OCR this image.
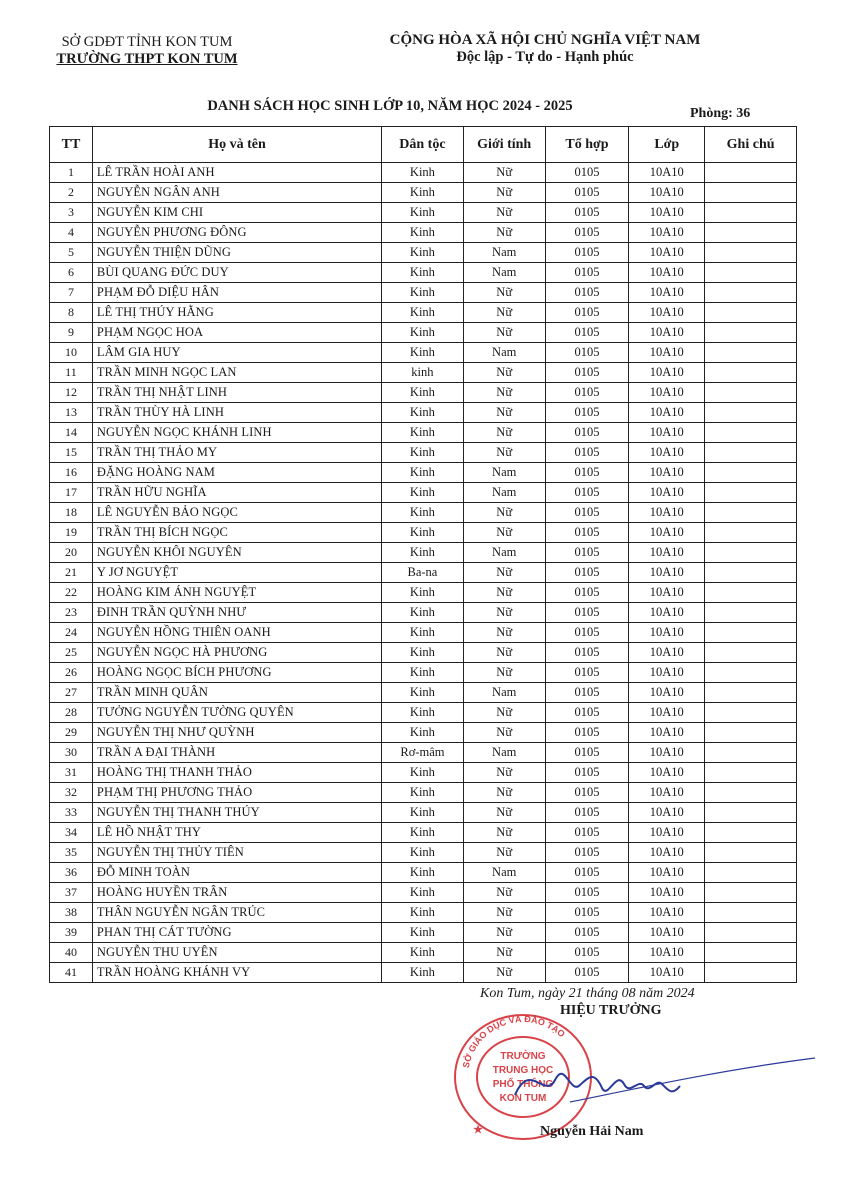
SỞ GDĐT TỈNH KON TUM
TRƯỜNG THPT KON TUM
CỘNG HÒA XÃ HỘI CHỦ NGHĨA VIỆT NAM
Độc lập - Tự do - Hạnh phúc
DANH SÁCH HỌC SINH LỚP 10, NĂM HỌC 2024 - 2025	Phòng: 36
TT	Họ và tên	Dân tộc	Giới tính	Tổ hợp	Lớp	Ghi chú
1	LÊ TRẦN HOÀI ANH	Kinh	Nữ	0105	10A10	
2	NGUYỄN NGÂN ANH	Kinh	Nữ	0105	10A10	
3	NGUYỄN KIM CHI	Kinh	Nữ	0105	10A10	
4	NGUYỄN PHƯƠNG ĐÔNG	Kinh	Nữ	0105	10A10	
5	NGUYỄN THIỆN DŨNG	Kinh	Nam	0105	10A10	
6	BÙI QUANG ĐỨC DUY	Kinh	Nam	0105	10A10	
7	PHẠM ĐỖ DIỆU HÂN	Kinh	Nữ	0105	10A10	
8	LÊ THỊ THÚY HẰNG	Kinh	Nữ	0105	10A10	
9	PHẠM NGỌC HOA	Kinh	Nữ	0105	10A10	
10	LÂM GIA HUY	Kinh	Nam	0105	10A10	
11	TRẦN MINH NGỌC LAN	kinh	Nữ	0105	10A10	
12	TRẦN THỊ NHẬT LINH	Kinh	Nữ	0105	10A10	
13	TRẦN THÙY HÀ LINH	Kinh	Nữ	0105	10A10	
14	NGUYỄN NGỌC KHÁNH LINH	Kinh	Nữ	0105	10A10	
15	TRẦN THỊ THẢO MY	Kinh	Nữ	0105	10A10	
16	ĐẶNG HOÀNG NAM	Kinh	Nam	0105	10A10	
17	TRẦN HỮU NGHĨA	Kinh	Nam	0105	10A10	
18	LÊ NGUYỄN BẢO NGỌC	Kinh	Nữ	0105	10A10	
19	TRẦN THỊ BÍCH NGỌC	Kinh	Nữ	0105	10A10	
20	NGUYỄN KHÔI NGUYÊN	Kinh	Nam	0105	10A10	
21	Y JƠ NGUYỆT	Ba-na	Nữ	0105	10A10	
22	HOÀNG KIM ÁNH NGUYỆT	Kinh	Nữ	0105	10A10	
23	ĐINH TRẦN QUỲNH NHƯ	Kinh	Nữ	0105	10A10	
24	NGUYỄN HỒNG THIÊN OANH	Kinh	Nữ	0105	10A10	
25	NGUYỄN NGỌC HÀ PHƯƠNG	Kinh	Nữ	0105	10A10	
26	HOÀNG NGỌC BÍCH PHƯƠNG	Kinh	Nữ	0105	10A10	
27	TRẦN MINH QUÂN	Kinh	Nam	0105	10A10	
28	TƯỞNG NGUYỄN TƯỜNG QUYÊN	Kinh	Nữ	0105	10A10	
29	NGUYỄN THỊ NHƯ QUỲNH	Kinh	Nữ	0105	10A10	
30	TRẦN A ĐẠI THÀNH	Rơ-mâm	Nam	0105	10A10	
31	HOÀNG THỊ THANH THẢO	Kinh	Nữ	0105	10A10	
32	PHẠM THỊ PHƯƠNG THẢO	Kinh	Nữ	0105	10A10	
33	NGUYỄN THỊ THANH THÚY	Kinh	Nữ	0105	10A10	
34	LÊ HỒ NHẬT THY	Kinh	Nữ	0105	10A10	
35	NGUYỄN THỊ THỦY TIÊN	Kinh	Nữ	0105	10A10	
36	ĐỖ MINH TOÀN	Kinh	Nam	0105	10A10	
37	HOÀNG HUYỀN TRÂN	Kinh	Nữ	0105	10A10	
38	THÂN NGUYỄN NGÂN TRÚC	Kinh	Nữ	0105	10A10	
39	PHAN THỊ CÁT TƯỜNG	Kinh	Nữ	0105	10A10	
40	NGUYỄN THU UYÊN	Kinh	Nữ	0105	10A10	
41	TRẦN HOÀNG KHÁNH VY	Kinh	Nữ	0105	10A10	
Kon Tum, ngày 21 tháng 08 năm 2024
HIỆU TRƯỞNG
TRƯỜNG
TRUNG HỌC
PHỔ THÔNG
KON TUM
★
SỞ GIÁO DỤC VÀ ĐÀO TẠO
Nguyễn Hải Nam
